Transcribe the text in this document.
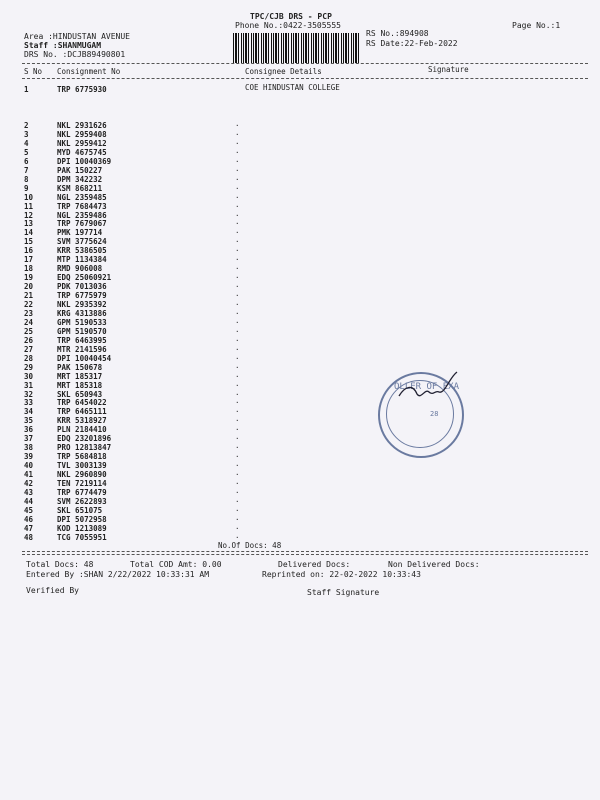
TPC/CJB DRS - PCP
Phone No.:0422-3505555	Page No.:1
Area :HINDUSTAN AVENUE
Staff :SHANMUGAM
DRS No. :DCJB89490801
RS No.:894908
RS Date:22-Feb-2022
S No Consignment No	Consignee Details	Signature
1	TRP 6775930	COE HINDUSTAN COLLEGE
2	NKL 2931626	·
3	NKL 2959408	·
4	NKL 2959412	·
5	MYD 4675745	·
6	DPI 10040369	·
7	PAK 150227	·
8	DPM 342232	·
9	KSM 868211	·
10	NGL 2359485	·
11	TRP 7684473	·
12	NGL 2359486	·
13	TRP 7679067	·
14	PMK 197714	·
15	SVM 3775624	·
16	KRR 5386505	·
17	MTP 1134384	·
18	RMD 906008	·
19	EDQ 25060921	·
20	PDK 7013036	·
21	TRP 6775979	·
22	NKL 2935392	·
23	KRG 4313886	·
24	GPM 5190533	·
25	GPM 5190570	·
26	TRP 6463995	·
27	MTR 2141596	·
28	DPI 10040454	·
29	PAK 150678	·
30	MRT 185317	·
31	MRT 185318	·
32	SKL 650943	·
33	TRP 6454022	·
34	TRP 6465111	·
35	KRR 5318927	·
36	PLN 2184410	·
37	EDQ 23201896	·
38	PRO 12813847	·
39	TRP 5684818	·
40	TVL 3003139	·
41	NKL 2960890	·
42	TEN 7219114	·
43	TRP 6774479	·
44	SVM 2622893	·
45	SKL 651075	·
46	DPI 5072958	·
47	KOD 1213089	·
48	TCG 7055951	·
No.Of Docs: 48
Total Docs: 48	Total COD Amt: 0.00	Delivered Docs:	Non Delivered Docs:
Entered By :SHAN 2/22/2022 10:33:31 AM	Reprinted on: 22-02-2022 10:33:43
Verified By	Staff Signature
OLLER OF EXA
28
